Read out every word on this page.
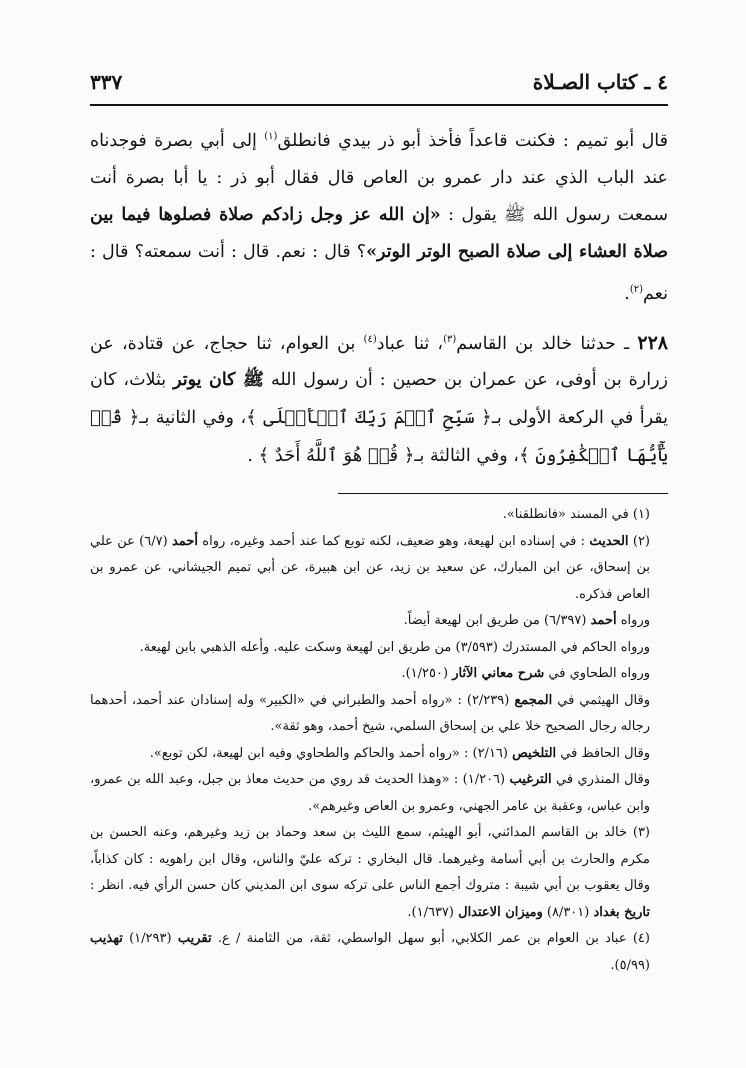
٤ ـ كتاب الصـلاة
٣٣٧

قال أبو تميم : فكنت قاعداً فأخذ أبو ذر بيدي فانطلق$^{(١)}$ إلى أبي بصرة فوجدناه عند الباب الذي عند دار عمرو بن العاص قال فقال أبو ذر : يا أبا بصرة أنت سمعت رسول الله ﷺ يقول : «إن الله عز وجل زادكم صلاة فصلوها فيما بين صلاة العشاء إلى صلاة الصبح الوتر الوتر»؟ قال : نعم. قال : أنت سمعته؟ قال : نعم$^{(٢)}$.

٢٢٨ ـ حدثنا خالد بن القاسم$^{(٣)}$، ثنا عباد$^{(٤)}$ بن العوام، ثنا حجاج، عن قتادة، عن زرارة بن أوفى، عن عمران بن حصين : أن رسول الله ﷺ كان يوتر بثلاث، كان يقرأ في الركعة الأولى بـ﴿ سَبِّحِ ٱسۡمَ رَبِّكَ ٱلۡأَعۡلَى ﴾، وفي الثانية بـ﴿ قُلۡ يَٰٓأَيُّهَا ٱلۡكَٰفِرُونَ ﴾، وفي الثالثة بـ﴿ قُلۡ هُوَ ٱللَّهُ أَحَدٌ ﴾ .

(١) في المسند «فانطلقنا».

(٢) الحديث : في إسناده ابن لهيعة، وهو ضعيف، لكنه توبع كما عند أحمد وغيره، رواه أحمد (٦/٧) عن علي بن إسحاق، عن ابن المبارك، عن سعيد بن زيد، عن ابن هبيرة، عن أبي تميم الجيشاني، عن عمرو بن العاص فذكره.

ورواه أحمد (٦/٣٩٧) من طريق ابن لهيعة أيضاً.

ورواه الحاكم في المستدرك (٣/٥٩٣) من طريق ابن لهيعة وسكت عليه. وأعله الذهبي بابن لهيعة.

ورواه الطحاوي في شرح معاني الآثار (١/٢٥٠).

وقال الهيثمي في المجمع (٢/٢٣٩) : «رواه أحمد والطبراني في «الكبير» وله إسنادان عند أحمد، أحدهما رجاله رجال الصحيح خلا علي بن إسحاق السلمي، شيخ أحمد، وهو ثقة».

وقال الحافظ في التلخيص (٢/١٦) : «رواه أحمد والحاكم والطحاوي وفيه ابن لهيعة، لكن توبع».

وقال المنذري في الترغيب (١/٢٠٦) : «وهذا الحديث قد روي من حديث معاذ بن جبل، وعبد الله بن عمرو، وابن عباس، وعقبة بن عامر الجهني، وعمرو بن العاص وغيرهم».

(٣) خالد بن القاسم المدائني، أبو الهيثم، سمع الليث بن سعد وحماد بن زيد وغيرهم، وعنه الحسن بن مكرم والحارث بن أبي أسامة وغيرهما. قال البخاري : تركه عليّ والناس، وقال ابن راهويه : كان كذاباً، وقال يعقوب بن أبي شيبة : متروك أجمع الناس على تركه سوى ابن المديني كان حسن الرأي فيه. انظر : تاريخ بغداد (٨/٣٠١) وميزان الاعتدال (١/٦٣٧).

(٤) عباد بن العوام بن عمر الكلابي، أبو سهل الواسطي، ثقة، من الثامنة / ع. تقريب (١/٢٩٣) تهذيب (٥/٩٩).
